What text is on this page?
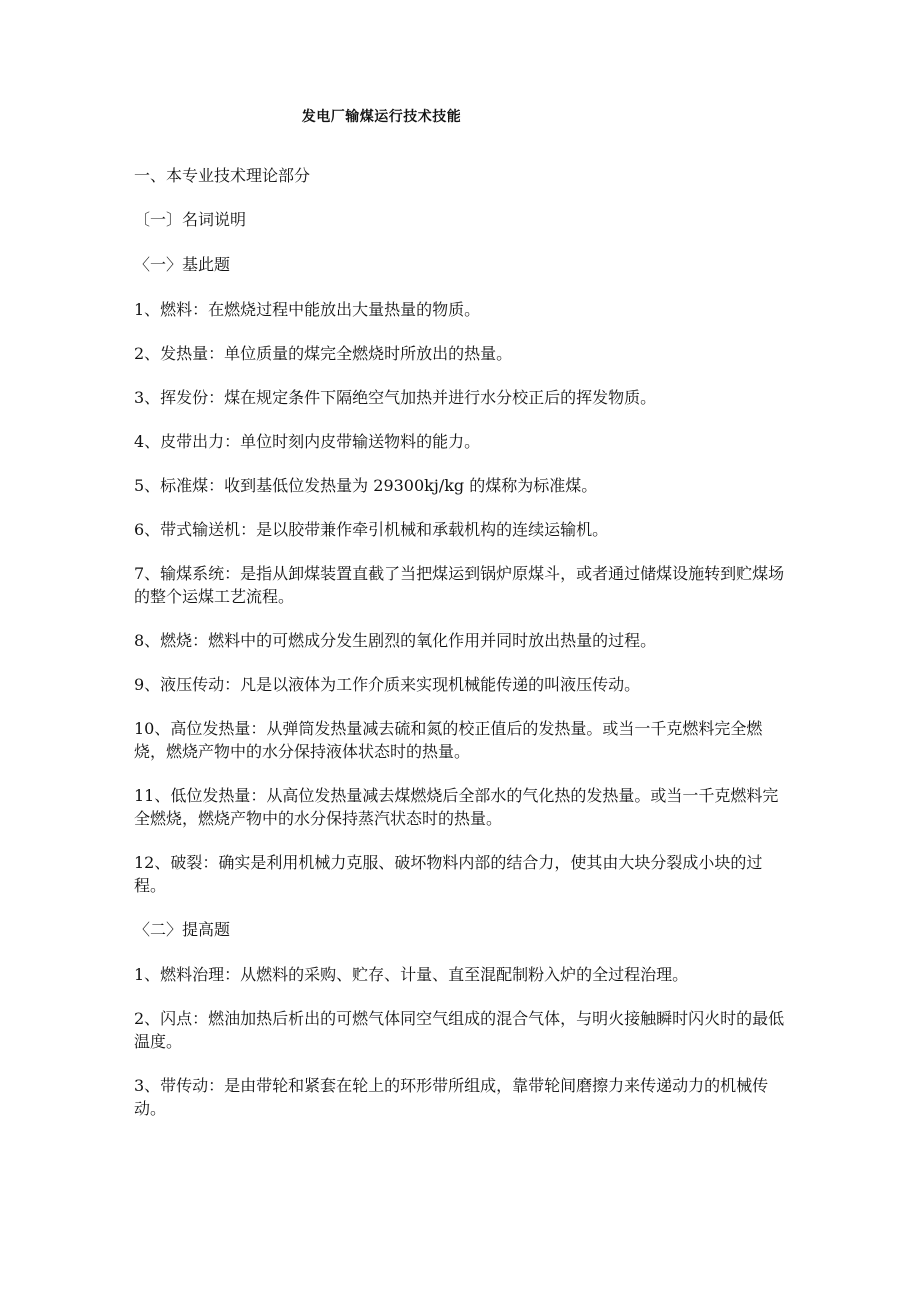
发电厂输煤运行技术技能

一、本专业技术理论部分

〔一〕名词说明

〈一〉基此题

1、燃料：在燃烧过程中能放出大量热量的物质。

2、发热量：单位质量的煤完全燃烧时所放出的热量。

3、挥发份：煤在规定条件下隔绝空气加热并进行水分校正后的挥发物质。

4、皮带出力：单位时刻内皮带输送物料的能力。

5、标准煤：收到基低位发热量为 29300kj/kg 的煤称为标准煤。

6、带式输送机：是以胶带兼作牵引机械和承载机构的连续运输机。

7、输煤系统：是指从卸煤装置直截了当把煤运到锅炉原煤斗，或者通过储煤设施转到贮煤场的整个运煤工艺流程。

8、燃烧：燃料中的可燃成分发生剧烈的氧化作用并同时放出热量的过程。

9、液压传动：凡是以液体为工作介质来实现机械能传递的叫液压传动。

10、高位发热量：从弹筒发热量减去硫和氮的校正值后的发热量。或当一千克燃料完全燃烧，燃烧产物中的水分保持液体状态时的热量。

11、低位发热量：从高位发热量减去煤燃烧后全部水的气化热的发热量。或当一千克燃料完全燃烧，燃烧产物中的水分保持蒸汽状态时的热量。

12、破裂：确实是利用机械力克服、破坏物料内部的结合力，使其由大块分裂成小块的过程。

〈二〉提高题

1、燃料治理：从燃料的采购、贮存、计量、直至混配制粉入炉的全过程治理。

2、闪点：燃油加热后析出的可燃气体同空气组成的混合气体，与明火接触瞬时闪火时的最低温度。

3、带传动：是由带轮和紧套在轮上的环形带所组成，靠带轮间磨擦力来传递动力的机械传动。
